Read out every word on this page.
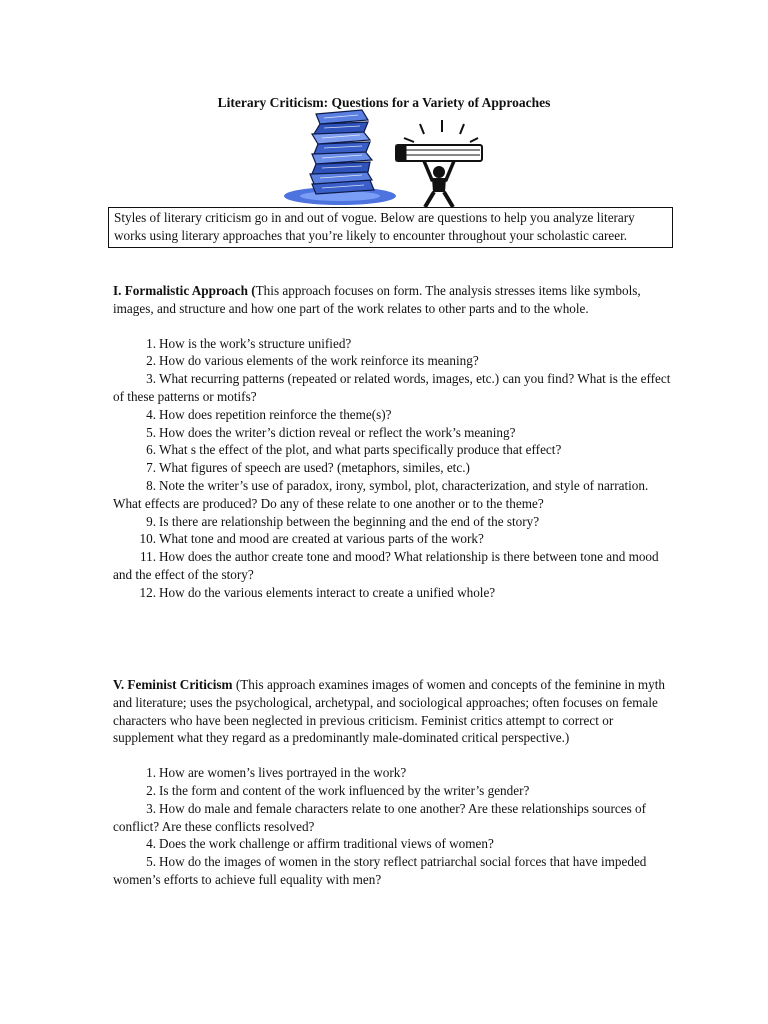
Literary Criticism: Questions for a Variety of Approaches
Styles of literary criticism go in and out of vogue. Below are questions to help you analyze literary works using literary approaches that you’re likely to encounter throughout your scholastic career.

I. Formalistic Approach (This approach focuses on form. The analysis stresses items like symbols, images, and structure and how one part of the work relates to other parts and to the whole.

1. How is the work’s structure unified?
2. How do various elements of the work reinforce its meaning?
3. What recurring patterns (repeated or related words, images, etc.) can you find? What is the effect of these patterns or motifs?
4. How does repetition reinforce the theme(s)?
5. How does the writer’s diction reveal or reflect the work’s meaning?
6. What s the effect of the plot, and what parts specifically produce that effect?
7. What figures of speech are used? (metaphors, similes, etc.)
8. Note the writer’s use of paradox, irony, symbol, plot, characterization, and style of narration. What effects are produced? Do any of these relate to one another or to the theme?
9. Is there are relationship between the beginning and the end of the story?
10. What tone and mood are created at various parts of the work?
11. How does the author create tone and mood? What relationship is there between tone and mood and the effect of the story?
12. How do the various elements interact to create a unified whole?

V. Feminist Criticism (This approach examines images of women and concepts of the feminine in myth and literature; uses the psychological, archetypal, and sociological approaches; often focuses on female characters who have been neglected in previous criticism. Feminist critics attempt to correct or supplement what they regard as a predominantly male-dominated critical perspective.)

1. How are women’s lives portrayed in the work?
2. Is the form and content of the work influenced by the writer’s gender?
3. How do male and female characters relate to one another? Are these relationships sources of conflict? Are these conflicts resolved?
4. Does the work challenge or affirm traditional views of women?
5. How do the images of women in the story reflect patriarchal social forces that have impeded women’s efforts to achieve full equality with men?
